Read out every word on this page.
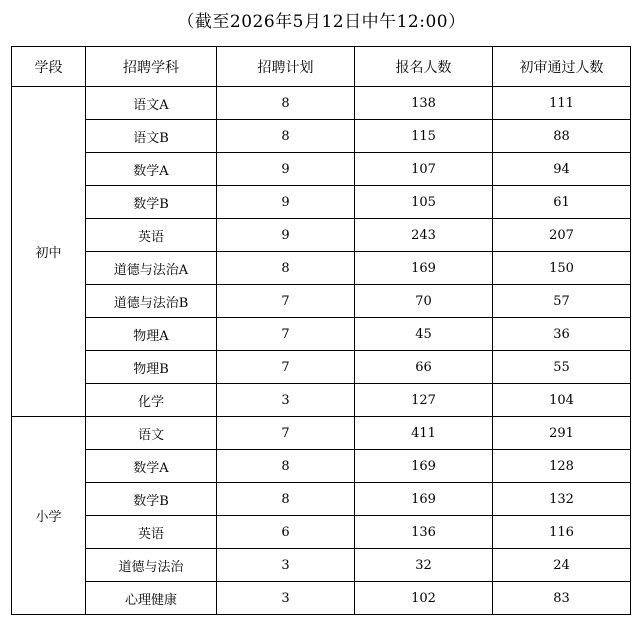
（截至2026年5月12日中午12:00）
学段	招聘学科	招聘计划	报名人数	初审通过人数
初中	语文A	8	138	111
	语文B	8	115	88
	数学A	9	107	94
	数学B	9	105	61
	英语	9	243	207
	道德与法治A	8	169	150
	道德与法治B	7	70	57
	物理A	7	45	36
	物理B	7	66	55
	化学	3	127	104
小学	语文	7	411	291
	数学A	8	169	128
	数学B	8	169	132
	英语	6	136	116
	道德与法治	3	32	24
	心理健康	3	102	83
